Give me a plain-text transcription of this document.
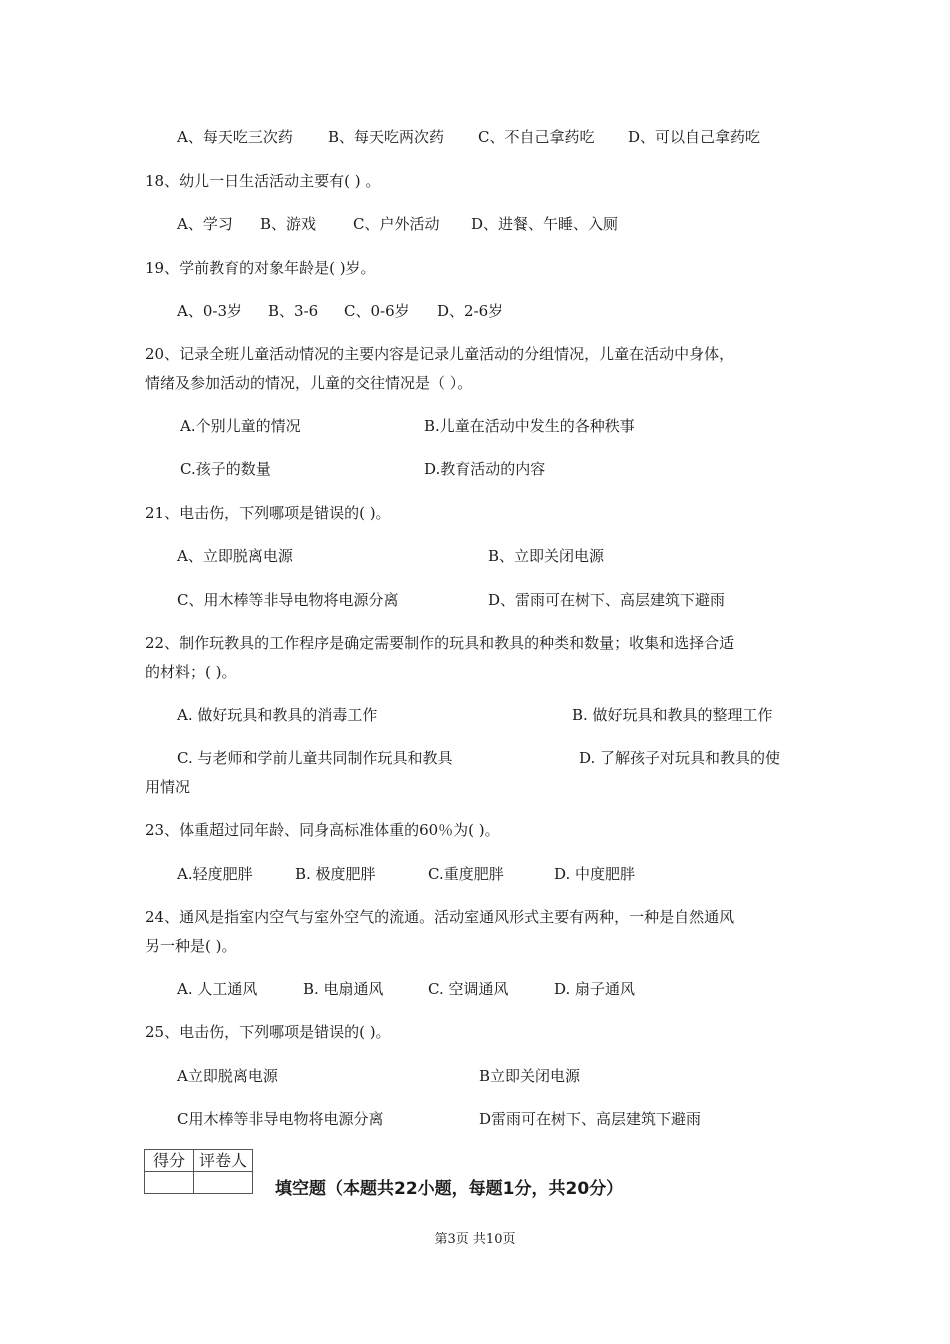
A、每天吃三次药 B、每天吃两次药 C、不自己拿药吃 D、可以自己拿药吃
18、幼儿一日生活活动主要有( ) 。
A、学习 B、游戏 C、户外活动 D、进餐、午睡、入厕
19、学前教育的对象年龄是( )岁。
A、0-3岁 B、3-6 C、0-6岁 D、2-6岁
20、记录全班儿童活动情况的主要内容是记录儿童活动的分组情况，儿童在活动中身体，
情绪及参加活动的情况，儿童的交往情况是（ ）。
A.个别儿童的情况	B.儿童在活动中发生的各种秩事
C.孩子的数量	D.教育活动的内容
21、电击伤，下列哪项是错误的( )。
A、立即脱离电源	B、立即关闭电源
C、用木棒等非导电物将电源分离	D、雷雨可在树下、高层建筑下避雨
22、制作玩教具的工作程序是确定需要制作的玩具和教具的种类和数量；收集和选择合适
的材料；( )。
A. 做好玩具和教具的消毒工作	B. 做好玩具和教具的整理工作
C. 与老师和学前儿童共同制作玩具和教具	D. 了解孩子对玩具和教具的使
用情况
23、体重超过同年龄、同身高标准体重的60％为( )。
A.轻度肥胖	B. 极度肥胖	C.重度肥胖	D. 中度肥胖
24、通风是指室内空气与室外空气的流通。活动室通风形式主要有两种，一种是自然通风
另一种是( )。
A. 人工通风	B. 电扇通风	C. 空调通风	D. 扇子通风
25、电击伤，下列哪项是错误的( )。
A立即脱离电源	B立即关闭电源
C用木棒等非导电物将电源分离	D雷雨可在树下、高层建筑下避雨
得分	评卷人

填空题（本题共22小题，每题1分，共20分）
第3页 共10页
